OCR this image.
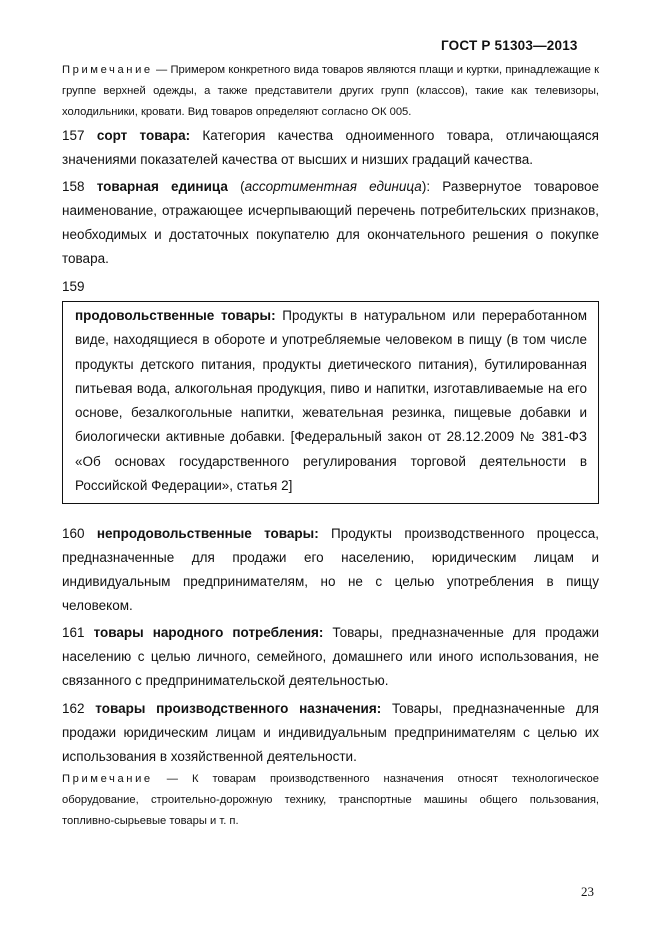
ГОСТ Р 51303—2013
Примечание — Примером конкретного вида товаров являются плащи и куртки, принадлежащие к группе верхней одежды, а также представители других групп (классов), такие как телевизоры, холодильники, кровати. Вид товаров определяют согласно ОК 005.
157 сорт товара: Категория качества одноименного товара, отличающаяся значениями показателей качества от высших и низших градаций качества.
158 товарная единица (ассортиментная единица): Развернутое товаровое наименование, отражающее исчерпывающий перечень потребительских признаков, необходимых и достаточных покупателю для окончательного решения о покупке товара.
159
продовольственные товары: Продукты в натуральном или переработанном виде, находящиеся в обороте и употребляемые человеком в пищу (в том числе продукты детского питания, продукты диетического питания), бутилированная питьевая вода, алкогольная продукция, пиво и напитки, изготавливаемые на его основе, безалкогольные напитки, жевательная резинка, пищевые добавки и биологически активные добавки. [Федеральный закон от 28.12.2009 № 381-ФЗ «Об основах государственного регулирования торговой деятельности в Российской Федерации», статья 2]
160 непродовольственные товары: Продукты производственного процесса, предназначенные для продажи его населению, юридическим лицам и индивидуальным предпринимателям, но не с целью употребления в пищу человеком.
161 товары народного потребления: Товары, предназначенные для продажи населению с целью личного, семейного, домашнего или иного использования, не связанного с предпринимательской деятельностью.
162 товары производственного назначения: Товары, предназначенные для продажи юридическим лицам и индивидуальным предпринимателям с целью их использования в хозяйственной деятельности.
Примечание — К товарам производственного назначения относят технологическое оборудование, строительно-дорожную технику, транспортные машины общего пользования, топливно-сырьевые товары и т. п.
23
